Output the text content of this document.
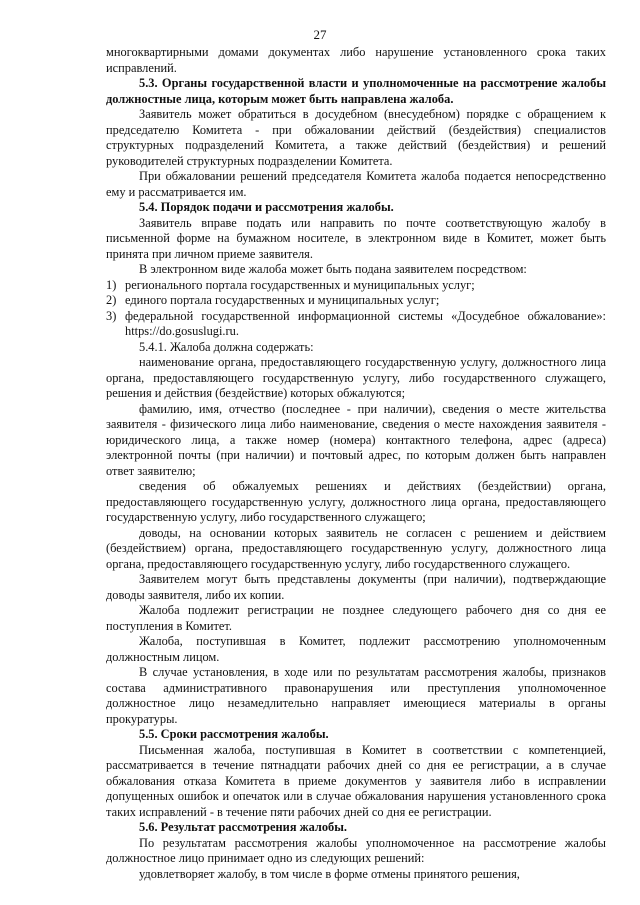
27

многоквартирными домами документах либо нарушение установленного срока таких исправлений.

5.3. Органы государственной власти и уполномоченные на рассмотрение жалобы должностные лица, которым может быть направлена жалоба.

Заявитель может обратиться в досудебном (внесудебном) порядке с обращением к председателю Комитета - при обжаловании действий (бездействия) специалистов структурных подразделений Комитета, а также действий (бездействия) и решений руководителей структурных подразделении Комитета.

При обжаловании решений председателя Комитета жалоба подается непосредственно ему и рассматривается им.

5.4. Порядок подачи и рассмотрения жалобы.

Заявитель вправе подать или направить по почте соответствующую жалобу в письменной форме на бумажном носителе, в электронном виде в Комитет, может быть принята при личном приеме заявителя.

В электронном виде жалоба может быть подана заявителем посредством:

1) регионального портала государственных и муниципальных услуг;
2) единого портала государственных и муниципальных услуг;
3) федеральной государственной информационной системы «Досудебное обжалование»: https://do.gosuslugi.ru.

5.4.1. Жалоба должна содержать:

наименование органа, предоставляющего государственную услугу, должностного лица органа, предоставляющего государственную услугу, либо государственного служащего, решения и действия (бездействие) которых обжалуются;

фамилию, имя, отчество (последнее - при наличии), сведения о месте жительства заявителя - физического лица либо наименование, сведения о месте нахождения заявителя - юридического лица, а также номер (номера) контактного телефона, адрес (адреса) электронной почты (при наличии) и почтовый адрес, по которым должен быть направлен ответ заявителю;

сведения об обжалуемых решениях и действиях (бездействии) органа, предоставляющего государственную услугу, должностного лица органа, предоставляющего государственную услугу, либо государственного служащего;

доводы, на основании которых заявитель не согласен с решением и действием (бездействием) органа, предоставляющего государственную услугу, должностного лица органа, предоставляющего государственную услугу, либо государственного служащего.

Заявителем могут быть представлены документы (при наличии), подтверждающие доводы заявителя, либо их копии.

Жалоба подлежит регистрации не позднее следующего рабочего дня со дня ее поступления в Комитет.

Жалоба, поступившая в Комитет, подлежит рассмотрению уполномоченным должностным лицом.

В случае установления, в ходе или по результатам рассмотрения жалобы, признаков состава административного правонарушения или преступления уполномоченное должностное лицо незамедлительно направляет имеющиеся материалы в органы прокуратуры.

5.5. Сроки рассмотрения жалобы.

Письменная жалоба, поступившая в Комитет в соответствии с компетенцией, рассматривается в течение пятнадцати рабочих дней со дня ее регистрации, а в случае обжалования отказа Комитета в приеме документов у заявителя либо в исправлении допущенных ошибок и опечаток или в случае обжалования нарушения установленного срока таких исправлений - в течение пяти рабочих дней со дня ее регистрации.

5.6. Результат рассмотрения жалобы.

По результатам рассмотрения жалобы уполномоченное на рассмотрение жалобы должностное лицо принимает одно из следующих решений:

удовлетворяет жалобу, в том числе в форме отмены принятого решения,
